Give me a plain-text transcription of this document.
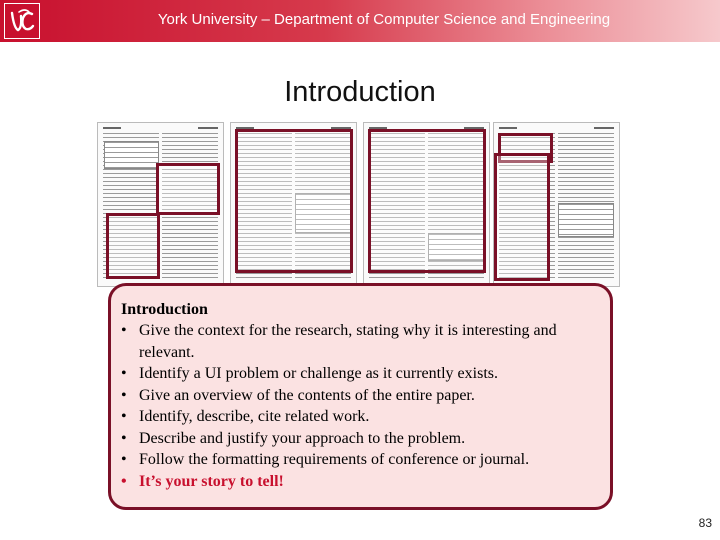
York University – Department of Computer Science and Engineering
Introduction
Introduction
• Give the context for the research, stating why it is interesting and relevant.
• Identify a UI problem or challenge as it currently exists.
• Give an overview of the contents of the entire paper.
• Identify, describe, cite related work.
• Describe and justify your approach to the problem.
• Follow the formatting requirements of conference or journal.
• It’s your story to tell!
83
